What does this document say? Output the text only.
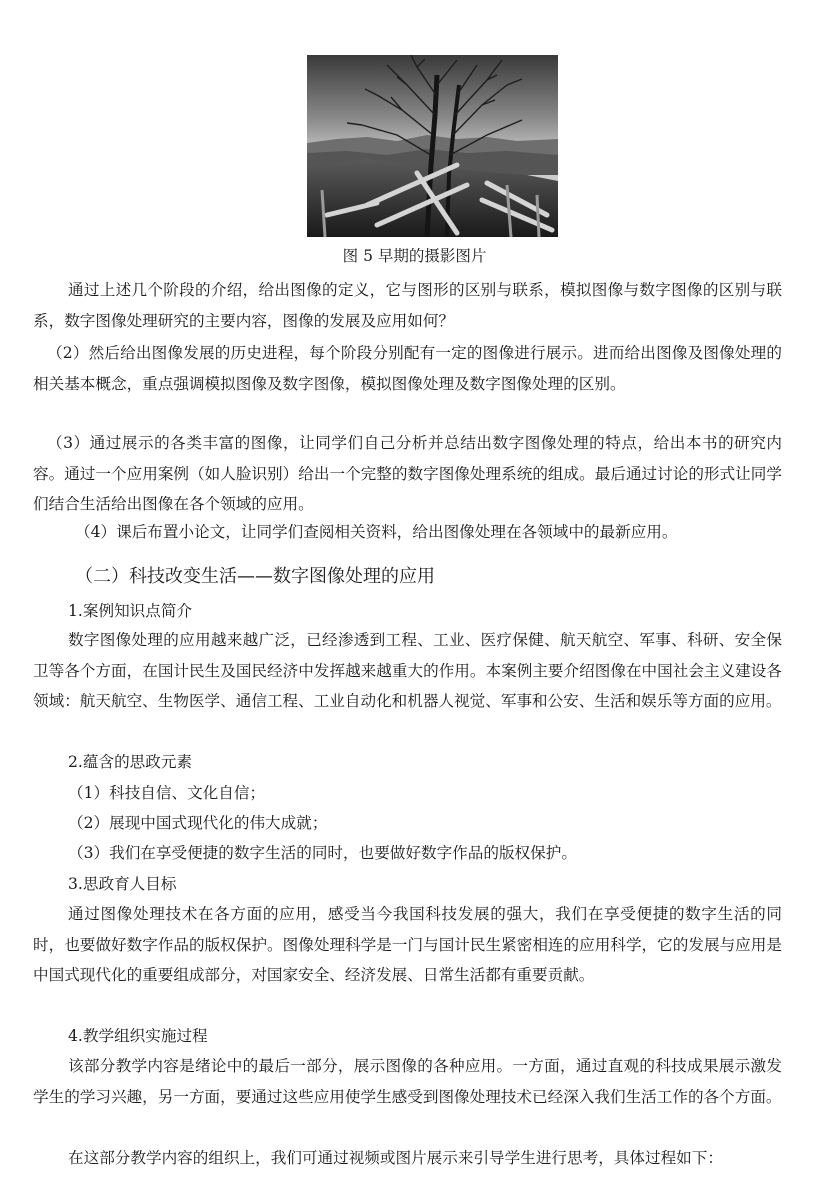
图 5 早期的摄影图片
通过上述几个阶段的介绍，给出图像的定义，它与图形的区别与联系，模拟图像与数字图像的区别与联系，数字图像处理研究的主要内容，图像的发展及应用如何？
（2）然后给出图像发展的历史进程，每个阶段分别配有一定的图像进行展示。进而给出图像及图像处理的相关基本概念，重点强调模拟图像及数字图像，模拟图像处理及数字图像处理的区别。
（3）通过展示的各类丰富的图像，让同学们自己分析并总结出数字图像处理的特点，给出本书的研究内容。通过一个应用案例（如人脸识别）给出一个完整的数字图像处理系统的组成。最后通过讨论的形式让同学们结合生活给出图像在各个领域的应用。
（4）课后布置小论文，让同学们查阅相关资料，给出图像处理在各领域中的最新应用。
（二）科技改变生活——数字图像处理的应用
1.案例知识点简介
数字图像处理的应用越来越广泛，已经渗透到工程、工业、医疗保健、航天航空、军事、科研、安全保卫等各个方面，在国计民生及国民经济中发挥越来越重大的作用。本案例主要介绍图像在中国社会主义建设各领域：航天航空、生物医学、通信工程、工业自动化和机器人视觉、军事和公安、生活和娱乐等方面的应用。
2.蕴含的思政元素
（1）科技自信、文化自信；
（2）展现中国式现代化的伟大成就；
（3）我们在享受便捷的数字生活的同时，也要做好数字作品的版权保护。
3.思政育人目标
通过图像处理技术在各方面的应用，感受当今我国科技发展的强大，我们在享受便捷的数字生活的同时，也要做好数字作品的版权保护。图像处理科学是一门与国计民生紧密相连的应用科学，它的发展与应用是中国式现代化的重要组成部分，对国家安全、经济发展、日常生活都有重要贡献。
4.教学组织实施过程
该部分教学内容是绪论中的最后一部分，展示图像的各种应用。一方面，通过直观的科技成果展示激发学生的学习兴趣，另一方面，要通过这些应用使学生感受到图像处理技术已经深入我们生活工作的各个方面。
在这部分教学内容的组织上，我们可通过视频或图片展示来引导学生进行思考，具体过程如下：
